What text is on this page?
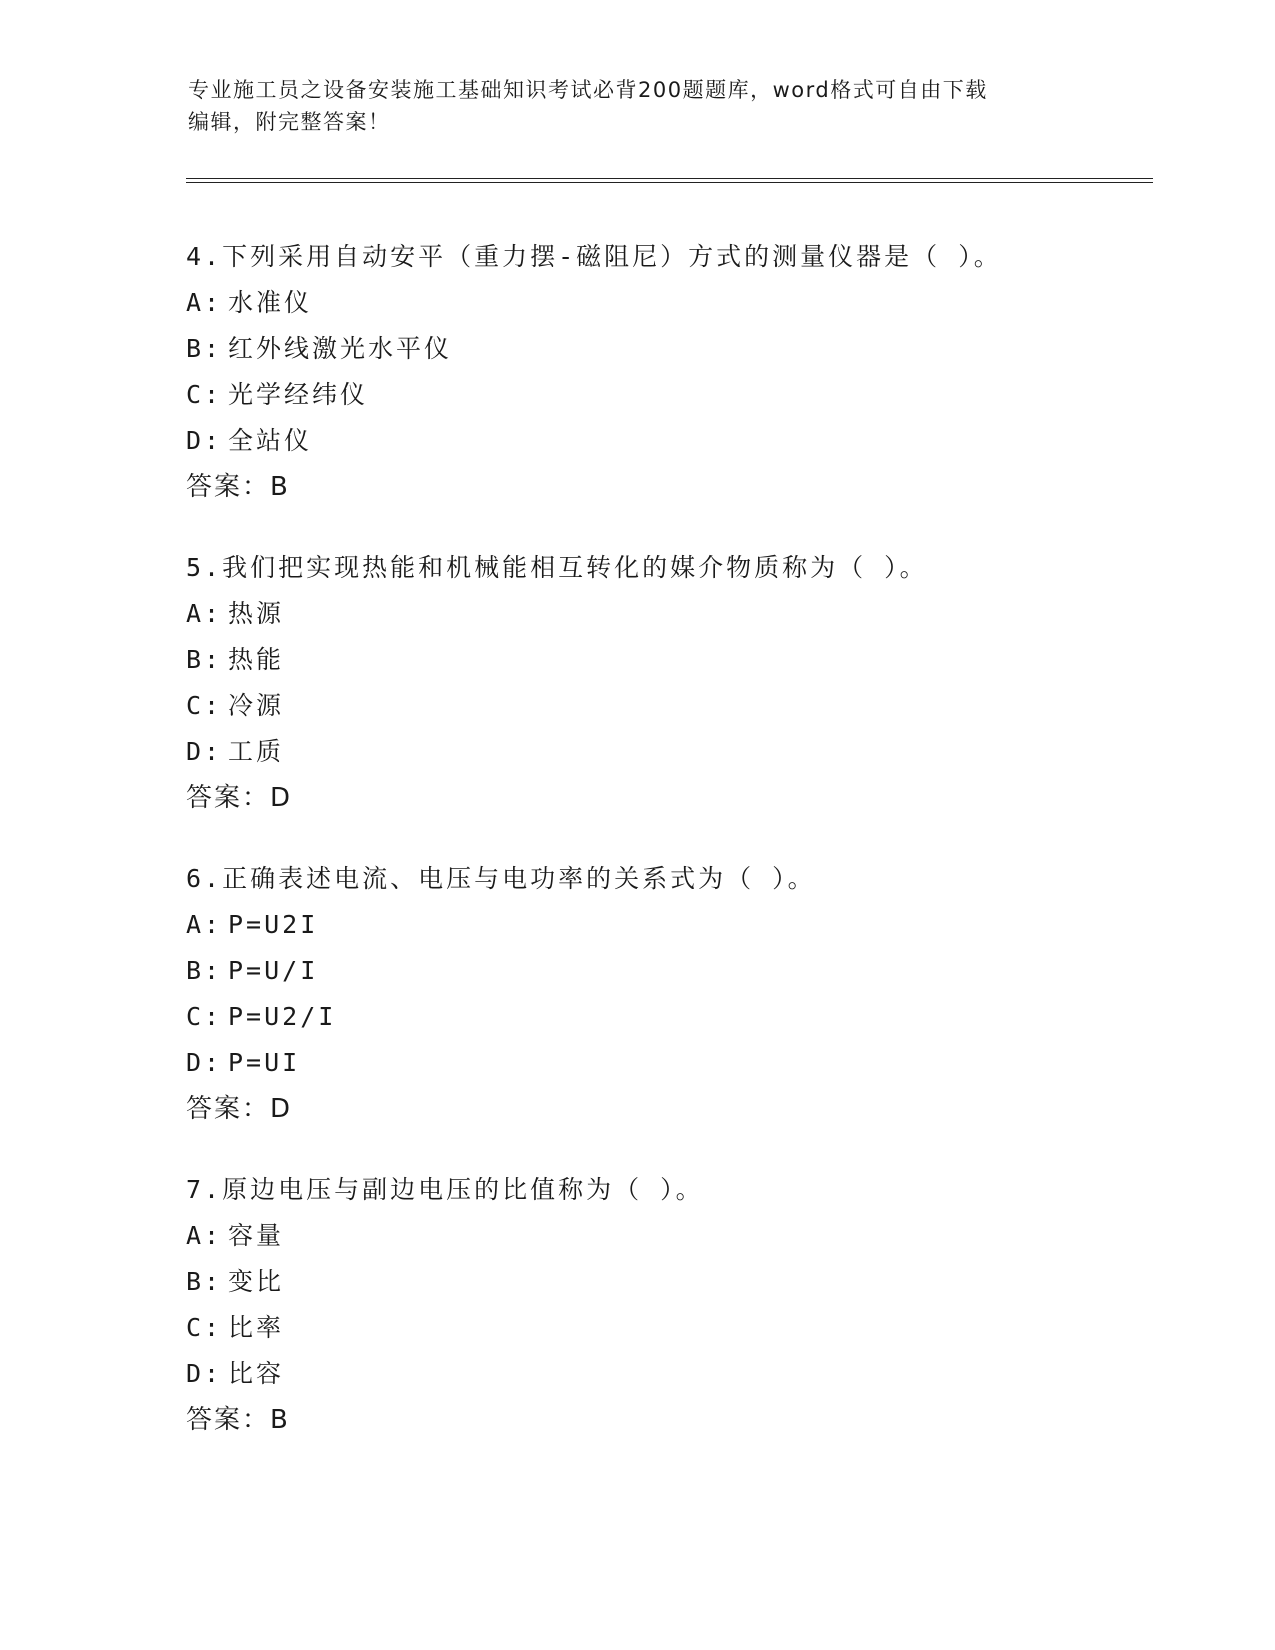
专业施工员之设备安装施工基础知识考试必背200题题库，word格式可自由下载
编辑，附完整答案！
4.下列采用自动安平（重力摆-磁阻尼）方式的测量仪器是（ ）。
A: 水准仪
B: 红外线激光水平仪
C: 光学经纬仪
D: 全站仪
答案：B
5.我们把实现热能和机械能相互转化的媒介物质称为（ ）。
A: 热源
B: 热能
C: 冷源
D: 工质
答案：D
6.正确表述电流、电压与电功率的关系式为（ ）。
A: P=U2I
B: P=U/I
C: P=U2/I
D: P=UI
答案：D
7.原边电压与副边电压的比值称为（ ）。
A: 容量
B: 变比
C: 比率
D: 比容
答案：B
